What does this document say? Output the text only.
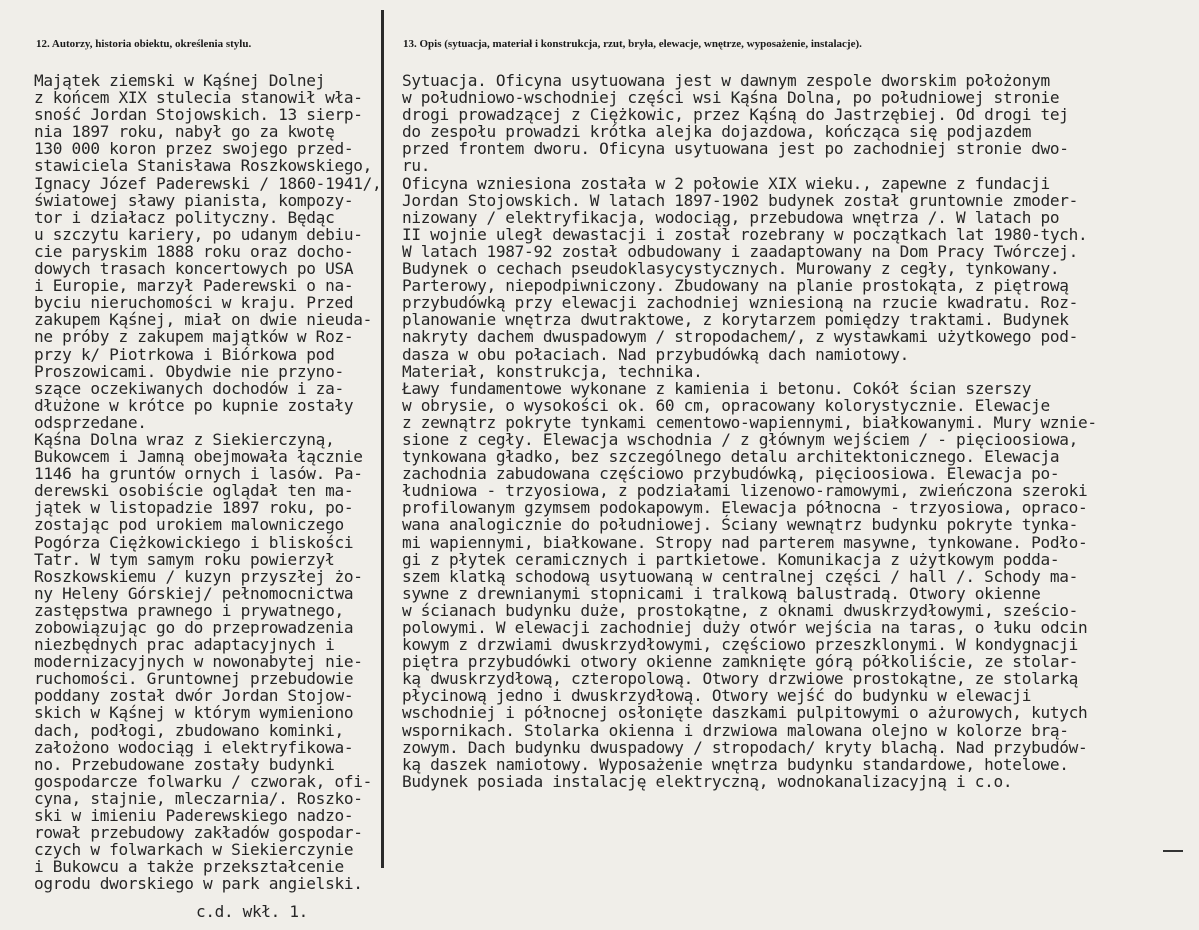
12. Autorzy, historia obiektu, określenia stylu.	13. Opis (sytuacja, materiał i konstrukcja, rzut, bryła, elewacje, wnętrze, wyposażenie, instalacje).
Majątek ziemski w Kąśnej Dolnej
z końcem XIX stulecia stanowił wła-
sność Jordan Stojowskich. 13 sierp-
nia 1897 roku, nabył go za kwotę
130 000 koron przez swojego przed-
stawiciela Stanisława Roszkowskiego,
Ignacy Józef Paderewski / 1860-1941/,
światowej sławy pianista, kompozy-
tor i działacz polityczny. Będąc
u szczytu kariery, po udanym debiu-
cie paryskim 1888 roku oraz docho-
dowych trasach koncertowych po USA
i Europie, marzył Paderewski o na-
byciu nieruchomości w kraju. Przed
zakupem Kąśnej, miał on dwie nieuda-
ne próby z zakupem majątków w Roz-
przy k/ Piotrkowa i Biórkowa pod
Proszowicami. Obydwie nie przyno-
szące oczekiwanych dochodów i za-
dłużone w krótce po kupnie zostały
odsprzedane.
Kąśna Dolna wraz z Siekierczyną,
Bukowcem i Jamną obejmowała łącznie
1146 ha gruntów ornych i lasów. Pa-
derewski osobiście oglądał ten ma-
jątek w listopadzie 1897 roku, po-
zostając pod urokiem malowniczego
Pogórza Ciężkowickiego i bliskości
Tatr. W tym samym roku powierzył
Roszkowskiemu / kuzyn przyszłej żo-
ny Heleny Górskiej/ pełnomocnictwa
zastępstwa prawnego i prywatnego,
zobowiązując go do przeprowadzenia
niezbędnych prac adaptacyjnych i
modernizacyjnych w nowonabytej nie-
ruchomości. Gruntownej przebudowie
poddany został dwór Jordan Stojow-
skich w Kąśnej w którym wymieniono
dach, podłogi, zbudowano kominki,
założono wodociąg i elektryfikowa-
no. Przebudowane zostały budynki
gospodarcze folwarku / czworak, ofi-
cyna, stajnie, mleczarnia/. Roszko-
ski w imieniu Paderewskiego nadzo-
rował przebudowy zakładów gospodar-
czych w folwarkach w Siekierczynie
i Bukowcu a także przekształcenie
ogrodu dworskiego w park angielski.
Sytuacja. Oficyna usytuowana jest w dawnym zespole dworskim położonym
w południowo-wschodniej części wsi Kąśna Dolna, po południowej stronie
drogi prowadzącej z Ciężkowic, przez Kąśną do Jastrzębiej. Od drogi tej
do zespołu prowadzi krótka alejka dojazdowa, kończąca się podjazdem
przed frontem dworu. Oficyna usytuowana jest po zachodniej stronie dwo-
ru.
Oficyna wzniesiona została w 2 połowie XIX wieku., zapewne z fundacji
Jordan Stojowskich. W latach 1897-1902 budynek został gruntownie zmoder-
nizowany / elektryfikacja, wodociąg, przebudowa wnętrza /. W latach po
II wojnie uległ dewastacji i został rozebrany w początkach lat 1980-tych.
W latach 1987-92 został odbudowany i zaadaptowany na Dom Pracy Twórczej.
Budynek o cechach pseudoklasycystycznych. Murowany z cegły, tynkowany.
Parterowy, niepodpiwniczony. Zbudowany na planie prostokąta, z piętrową
przybudówką przy elewacji zachodniej wzniesioną na rzucie kwadratu. Roz-
planowanie wnętrza dwutraktowe, z korytarzem pomiędzy traktami. Budynek
nakryty dachem dwuspadowym / stropodachem/, z wystawkami użytkowego pod-
dasza w obu połaciach. Nad przybudówką dach namiotowy.
Materiał, konstrukcja, technika.
Ławy fundamentowe wykonane z kamienia i betonu. Cokół ścian szerszy
w obrysie, o wysokości ok. 60 cm, opracowany kolorystycznie. Elewacje
z zewnątrz pokryte tynkami cementowo-wapiennymi, białkowanymi. Mury wznie-
sione z cegły. Elewacja wschodnia / z głównym wejściem / - pięcioosiowa,
tynkowana gładko, bez szczególnego detalu architektonicznego. Elewacja
zachodnia zabudowana częściowo przybudówką, pięcioosiowa. Elewacja po-
łudniowa - trzyosiowa, z podziałami lizenowo-ramowymi, zwieńczona szeroki
profilowanym gzymsem podokapowym. Elewacja północna - trzyosiowa, opraco-
wana analogicznie do południowej. Ściany wewnątrz budynku pokryte tynka-
mi wapiennymi, białkowane. Stropy nad parterem masywne, tynkowane. Podło-
gi z płytek ceramicznych i partkietowe. Komunikacja z użytkowym podda-
szem klatką schodową usytuowaną w centralnej części / hall /. Schody ma-
sywne z drewnianymi stopnicami i tralkową balustradą. Otwory okienne
w ścianach budynku duże, prostokątne, z oknami dwuskrzydłowymi, sześcio-
polowymi. W elewacji zachodniej duży otwór wejścia na taras, o łuku odcin
kowym z drzwiami dwuskrzydłowymi, częściowo przeszklonymi. W kondygnacji
piętra przybudówki otwory okienne zamknięte górą półkoliście, ze stolar-
ką dwuskrzydłową, czteropolową. Otwory drzwiowe prostokątne, ze stolarką
płycinową jedno i dwuskrzydłową. Otwory wejść do budynku w elewacji
wschodniej i północnej osłonięte daszkami pulpitowymi o ażurowych, kutych
wspornikach. Stolarka okienna i drzwiowa malowana olejno w kolorze brą-
zowym. Dach budynku dwuspadowy / stropodach/ kryty blachą. Nad przybudów-
ką daszek namiotowy. Wyposażenie wnętrza budynku standardowe, hotelowe.
Budynek posiada instalację elektryczną, wodnokanalizacyjną i c.o.
c.d. wkł. 1.
